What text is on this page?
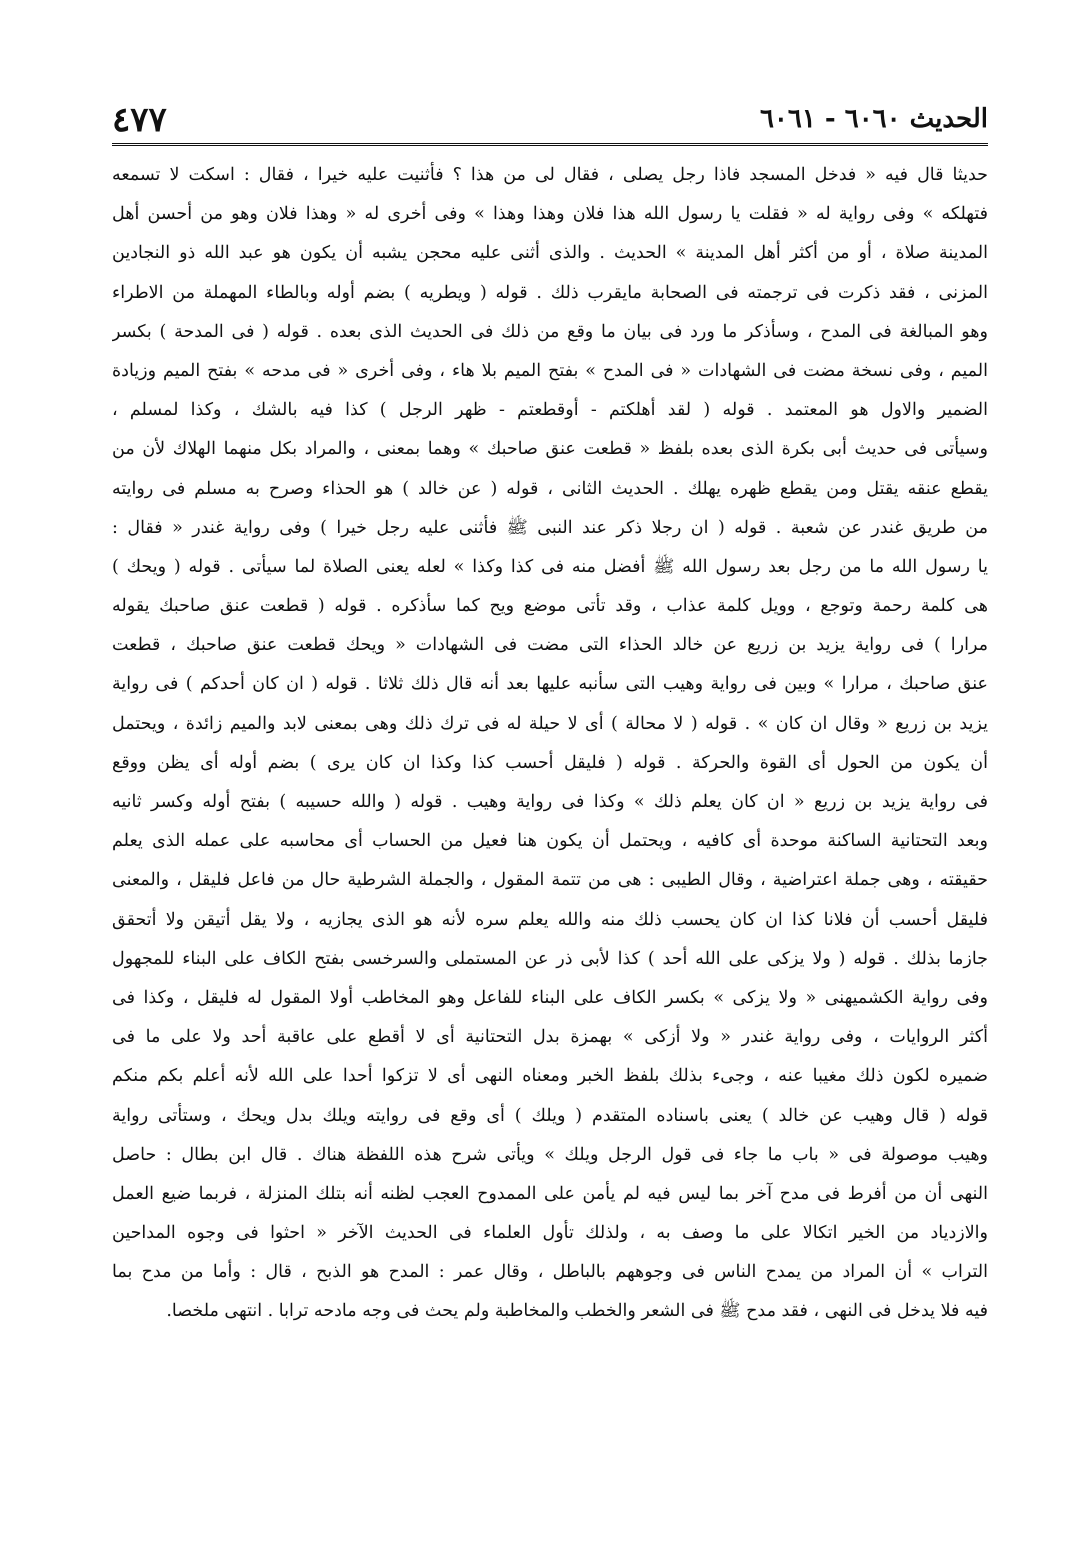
الحديث ٦٠٦٠ - ٦٠٦١
٤٧٧
حديثا قال فيه « فدخل المسجد فاذا رجل يصلى ، فقال لى من هذا ؟ فأثنيت عليه خيرا ، فقال : اسكت لا تسمعه
فتهلكه » وفى رواية له « فقلت يا رسول الله هذا فلان وهذا وهذا » وفى أخرى له « وهذا فلان وهو من أحسن أهل
المدينة صلاة ، أو من أكثر أهل المدينة » الحديث . والذى أثنى عليه محجن يشبه أن يكون هو عبد الله ذو النجادين
المزنى ، فقد ذكرت فى ترجمته فى الصحابة مايقرب ذلك . قوله ( ويطريه ) بضم أوله وبالطاء المهملة من الاطراء
وهو المبالغة فى المدح ، وسأذكر ما ورد فى بيان ما وقع من ذلك فى الحديث الذى بعده . قوله ( فى المدحة ) بكسر
الميم ، وفى نسخة مضت فى الشهادات « فى المدح » بفتح الميم بلا هاء ، وفى أخرى « فى مدحه » بفتح الميم وزيادة
الضمير والاول هو المعتمد . قوله ( لقد أهلكتم - أوقطعتم - ظهر الرجل ) كذا فيه بالشك ، وكذا لمسلم ،
وسيأتى فى حديث أبى بكرة الذى بعده بلفظ « قطعت عنق صاحبك » وهما بمعنى ، والمراد بكل منهما الهلاك لأن من
يقطع عنقه يقتل ومن يقطع ظهره يهلك . الحديث الثانى ، قوله ( عن خالد ) هو الحذاء وصرح به مسلم فى روايته
من طريق غندر عن شعبة . قوله ( ان رجلا ذكر عند النبى ﷺ فأثنى عليه رجل خيرا ) وفى رواية غندر « فقال :
يا رسول الله ما من رجل بعد رسول الله ﷺ أفضل منه فى كذا وكذا » لعله يعنى الصلاة لما سيأتى . قوله ( ويحك )
هى كلمة رحمة وتوجع ، وويل كلمة عذاب ، وقد تأتى موضع ويح كما سأذكره . قوله ( قطعت عنق صاحبك يقوله
مرارا ) فى رواية يزيد بن زريع عن خالد الحذاء التى مضت فى الشهادات « ويحك قطعت عنق صاحبك ، قطعت
عنق صاحبك ، مرارا » وبين فى رواية وهيب التى سأنبه عليها بعد أنه قال ذلك ثلاثا . قوله ( ان كان أحدكم ) فى رواية
يزيد بن زريع « وقال ان كان » . قوله ( لا محالة ) أى لا حيلة له فى ترك ذلك وهى بمعنى لابد والميم زائدة ، ويحتمل
أن يكون من الحول أى القوة والحركة . قوله ( فليقل أحسب كذا وكذا ان كان يرى ) بضم أوله أى يظن ووقع
فى رواية يزيد بن زريع « ان كان يعلم ذلك » وكذا فى رواية وهيب . قوله ( والله حسيبه ) بفتح أوله وكسر ثانيه
وبعد التحتانية الساكنة موحدة أى كافيه ، ويحتمل أن يكون هنا فعيل من الحساب أى محاسبه على عمله الذى يعلم
حقيقته ، وهى جملة اعتراضية ، وقال الطيبى : هى من تتمة المقول ، والجملة الشرطية حال من فاعل فليقل ، والمعنى
فليقل أحسب أن فلانا كذا ان كان يحسب ذلك منه والله يعلم سره لأنه هو الذى يجازيه ، ولا يقل أتيقن ولا أتحقق
جازما بذلك . قوله ( ولا يزكى على الله أحد ) كذا لأبى ذر عن المستملى والسرخسى بفتح الكاف على البناء للمجهول
وفى رواية الكشميهنى « ولا يزكى » بكسر الكاف على البناء للفاعل وهو المخاطب أولا المقول له فليقل ، وكذا فى
أكثر الروايات ، وفى رواية غندر « ولا أزكى » بهمزة بدل التحتانية أى لا أقطع على عاقبة أحد ولا على ما فى
ضميره لكون ذلك مغيبا عنه ، وجىء بذلك بلفظ الخبر ومعناه النهى أى لا تزكوا أحدا على الله لأنه أعلم بكم منكم
قوله ( قال وهيب عن خالد ) يعنى باسناده المتقدم ( ويلك ) أى وقع فى روايته ويلك بدل ويحك ، وستأتى رواية
وهيب موصولة فى « باب ما جاء فى قول الرجل ويلك » ويأتى شرح هذه اللفظة هناك . قال ابن بطال : حاصل
النهى أن من أفرط فى مدح آخر بما ليس فيه لم يأمن على الممدوح العجب لظنه أنه بتلك المنزلة ، فربما ضيع العمل
والازدياد من الخير اتكالا على ما وصف به ، ولذلك تأول العلماء فى الحديث الآخر « احثوا فى وجوه المداحين
التراب » أن المراد من يمدح الناس فى وجوههم بالباطل ، وقال عمر : المدح هو الذبح ، قال : وأما من مدح بما
فيه فلا يدخل فى النهى ، فقد مدح ﷺ فى الشعر والخطب والمخاطبة ولم يحث فى وجه مادحه ترابا . انتهى ملخصا.
